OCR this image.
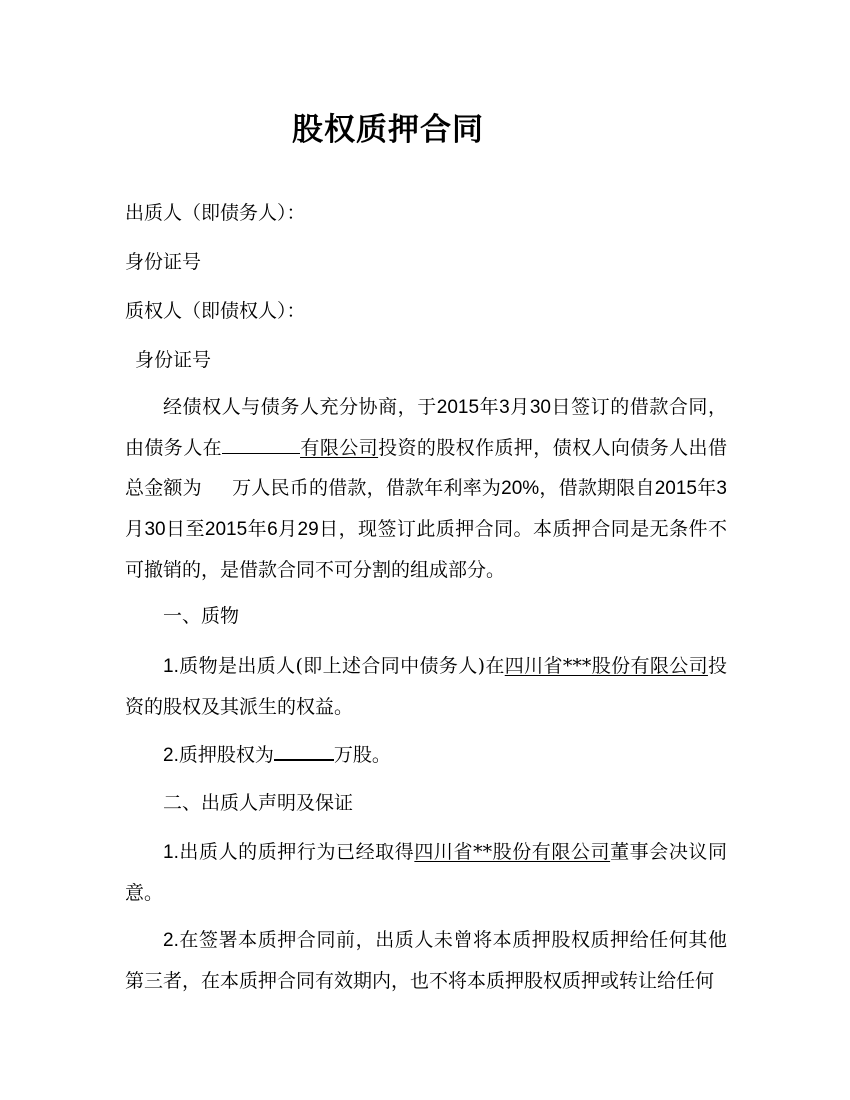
股权质押合同
出质人（即债务人）：
身份证号
质权人（即债权人）：
身份证号
经债权人与债务人充分协商，于2015年3月30日签订的借款合同，由债务人在	有限公司投资的股权作质押，债权人向债务人出借总金额为 万人民币的借款，借款年利率为20%，借款期限自2015年3月30日至2015年6月29日，现签订此质押合同。本质押合同是无条件不可撤销的，是借款合同不可分割的组成部分。
一、质物
1.质物是出质人(即上述合同中债务人)在四川省***股份有限公司投资的股权及其派生的权益。
2.质押股权为	万股。
二、出质人声明及保证
1.出质人的质押行为已经取得四川省**股份有限公司董事会决议同意。
2.在签署本质押合同前，出质人未曾将本质押股权质押给任何其他第三者，在本质押合同有效期内，也不将本质押股权质押或转让给任何
